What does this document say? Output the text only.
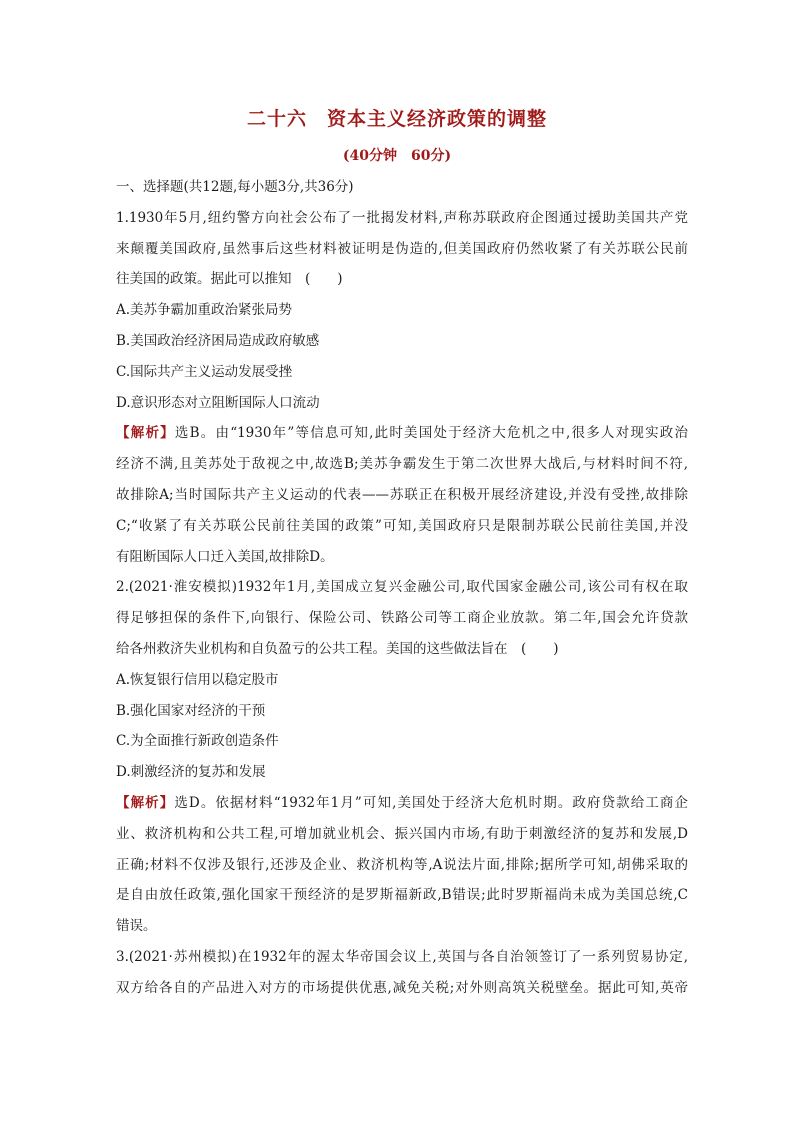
二十六　资本主义经济政策的调整
(40分钟　60分)
一、选择题(共12题,每小题3分,共36分)
1.1930年5月,纽约警方向社会公布了一批揭发材料,声称苏联政府企图通过援助美国共产党
来颠覆美国政府,虽然事后这些材料被证明是伪造的,但美国政府仍然收紧了有关苏联公民前
往美国的政策。据此可以推知　(　　)
A.美苏争霸加重政治紧张局势
B.美国政治经济困局造成政府敏感
C.国际共产主义运动发展受挫
D.意识形态对立阻断国际人口流动
【解析】选B。由“1930年”等信息可知,此时美国处于经济大危机之中,很多人对现实政治
经济不满,且美苏处于敌视之中,故选B;美苏争霸发生于第二次世界大战后,与材料时间不符,
故排除A;当时国际共产主义运动的代表——苏联正在积极开展经济建设,并没有受挫,故排除
C;“收紧了有关苏联公民前往美国的政策”可知,美国政府只是限制苏联公民前往美国,并没
有阻断国际人口迁入美国,故排除D。
2.(2021·淮安模拟)1932年1月,美国成立复兴金融公司,取代国家金融公司,该公司有权在取
得足够担保的条件下,向银行、保险公司、铁路公司等工商企业放款。第二年,国会允许贷款
给各州救济失业机构和自负盈亏的公共工程。美国的这些做法旨在　(　　)
A.恢复银行信用以稳定股市
B.强化国家对经济的干预
C.为全面推行新政创造条件
D.刺激经济的复苏和发展
【解析】选D。依据材料“1932年1月”可知,美国处于经济大危机时期。政府贷款给工商企
业、救济机构和公共工程,可增加就业机会、振兴国内市场,有助于刺激经济的复苏和发展,D
正确;材料不仅涉及银行,还涉及企业、救济机构等,A说法片面,排除;据所学可知,胡佛采取的
是自由放任政策,强化国家干预经济的是罗斯福新政,B错误;此时罗斯福尚未成为美国总统,C
错误。
3.(2021·苏州模拟)在1932年的渥太华帝国会议上,英国与各自治领签订了一系列贸易协定,
双方给各自的产品进入对方的市场提供优惠,减免关税;对外则高筑关税壁垒。据此可知,英帝
